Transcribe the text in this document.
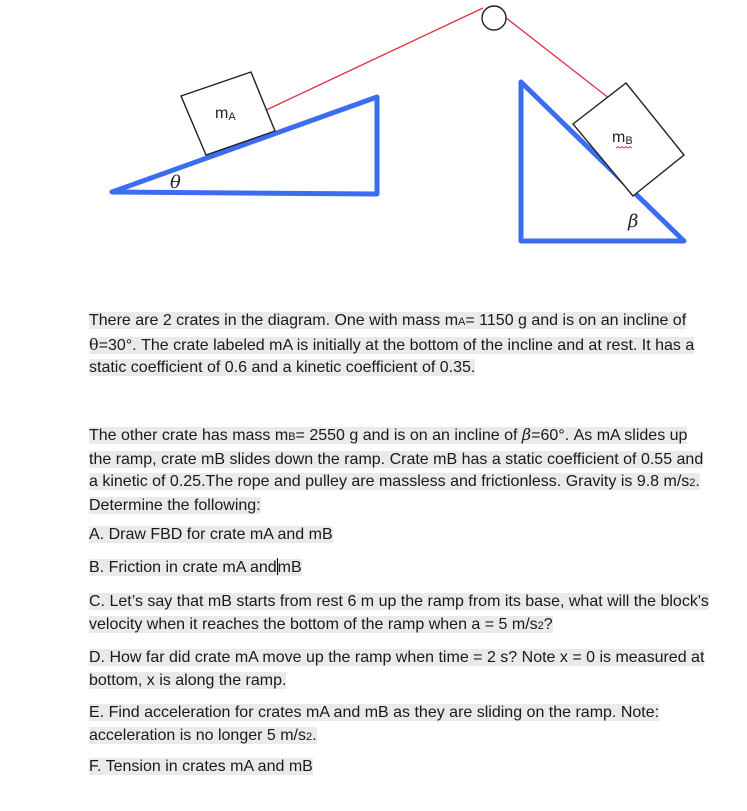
mA
mB
θ
β

There are 2 crates in the diagram. One with mass mA= 1150 g and is on an incline of θ=30°. The crate labeled mA is initially at the bottom of the incline and at rest. It has a static coefficient of 0.6 and a kinetic coefficient of 0.35.

The other crate has mass mB= 2550 g and is on an incline of β=60°. As mA slides up the ramp, crate mB slides down the ramp. Crate mB has a static coefficient of 0.55 and a kinetic of 0.25.The rope and pulley are massless and frictionless. Gravity is 9.8 m/s2. Determine the following:

A. Draw FBD for crate mA and mB

B. Friction in crate mA andmB

C. Let’s say that mB starts from rest 6 m up the ramp from its base, what will the block's velocity when it reaches the bottom of the ramp when a = 5 m/s2?

D. How far did crate mA move up the ramp when time = 2 s? Note x = 0 is measured at bottom, x is along the ramp.

E. Find acceleration for crates mA and mB as they are sliding on the ramp. Note: acceleration is no longer 5 m/s2.

F. Tension in crates mA and mB
